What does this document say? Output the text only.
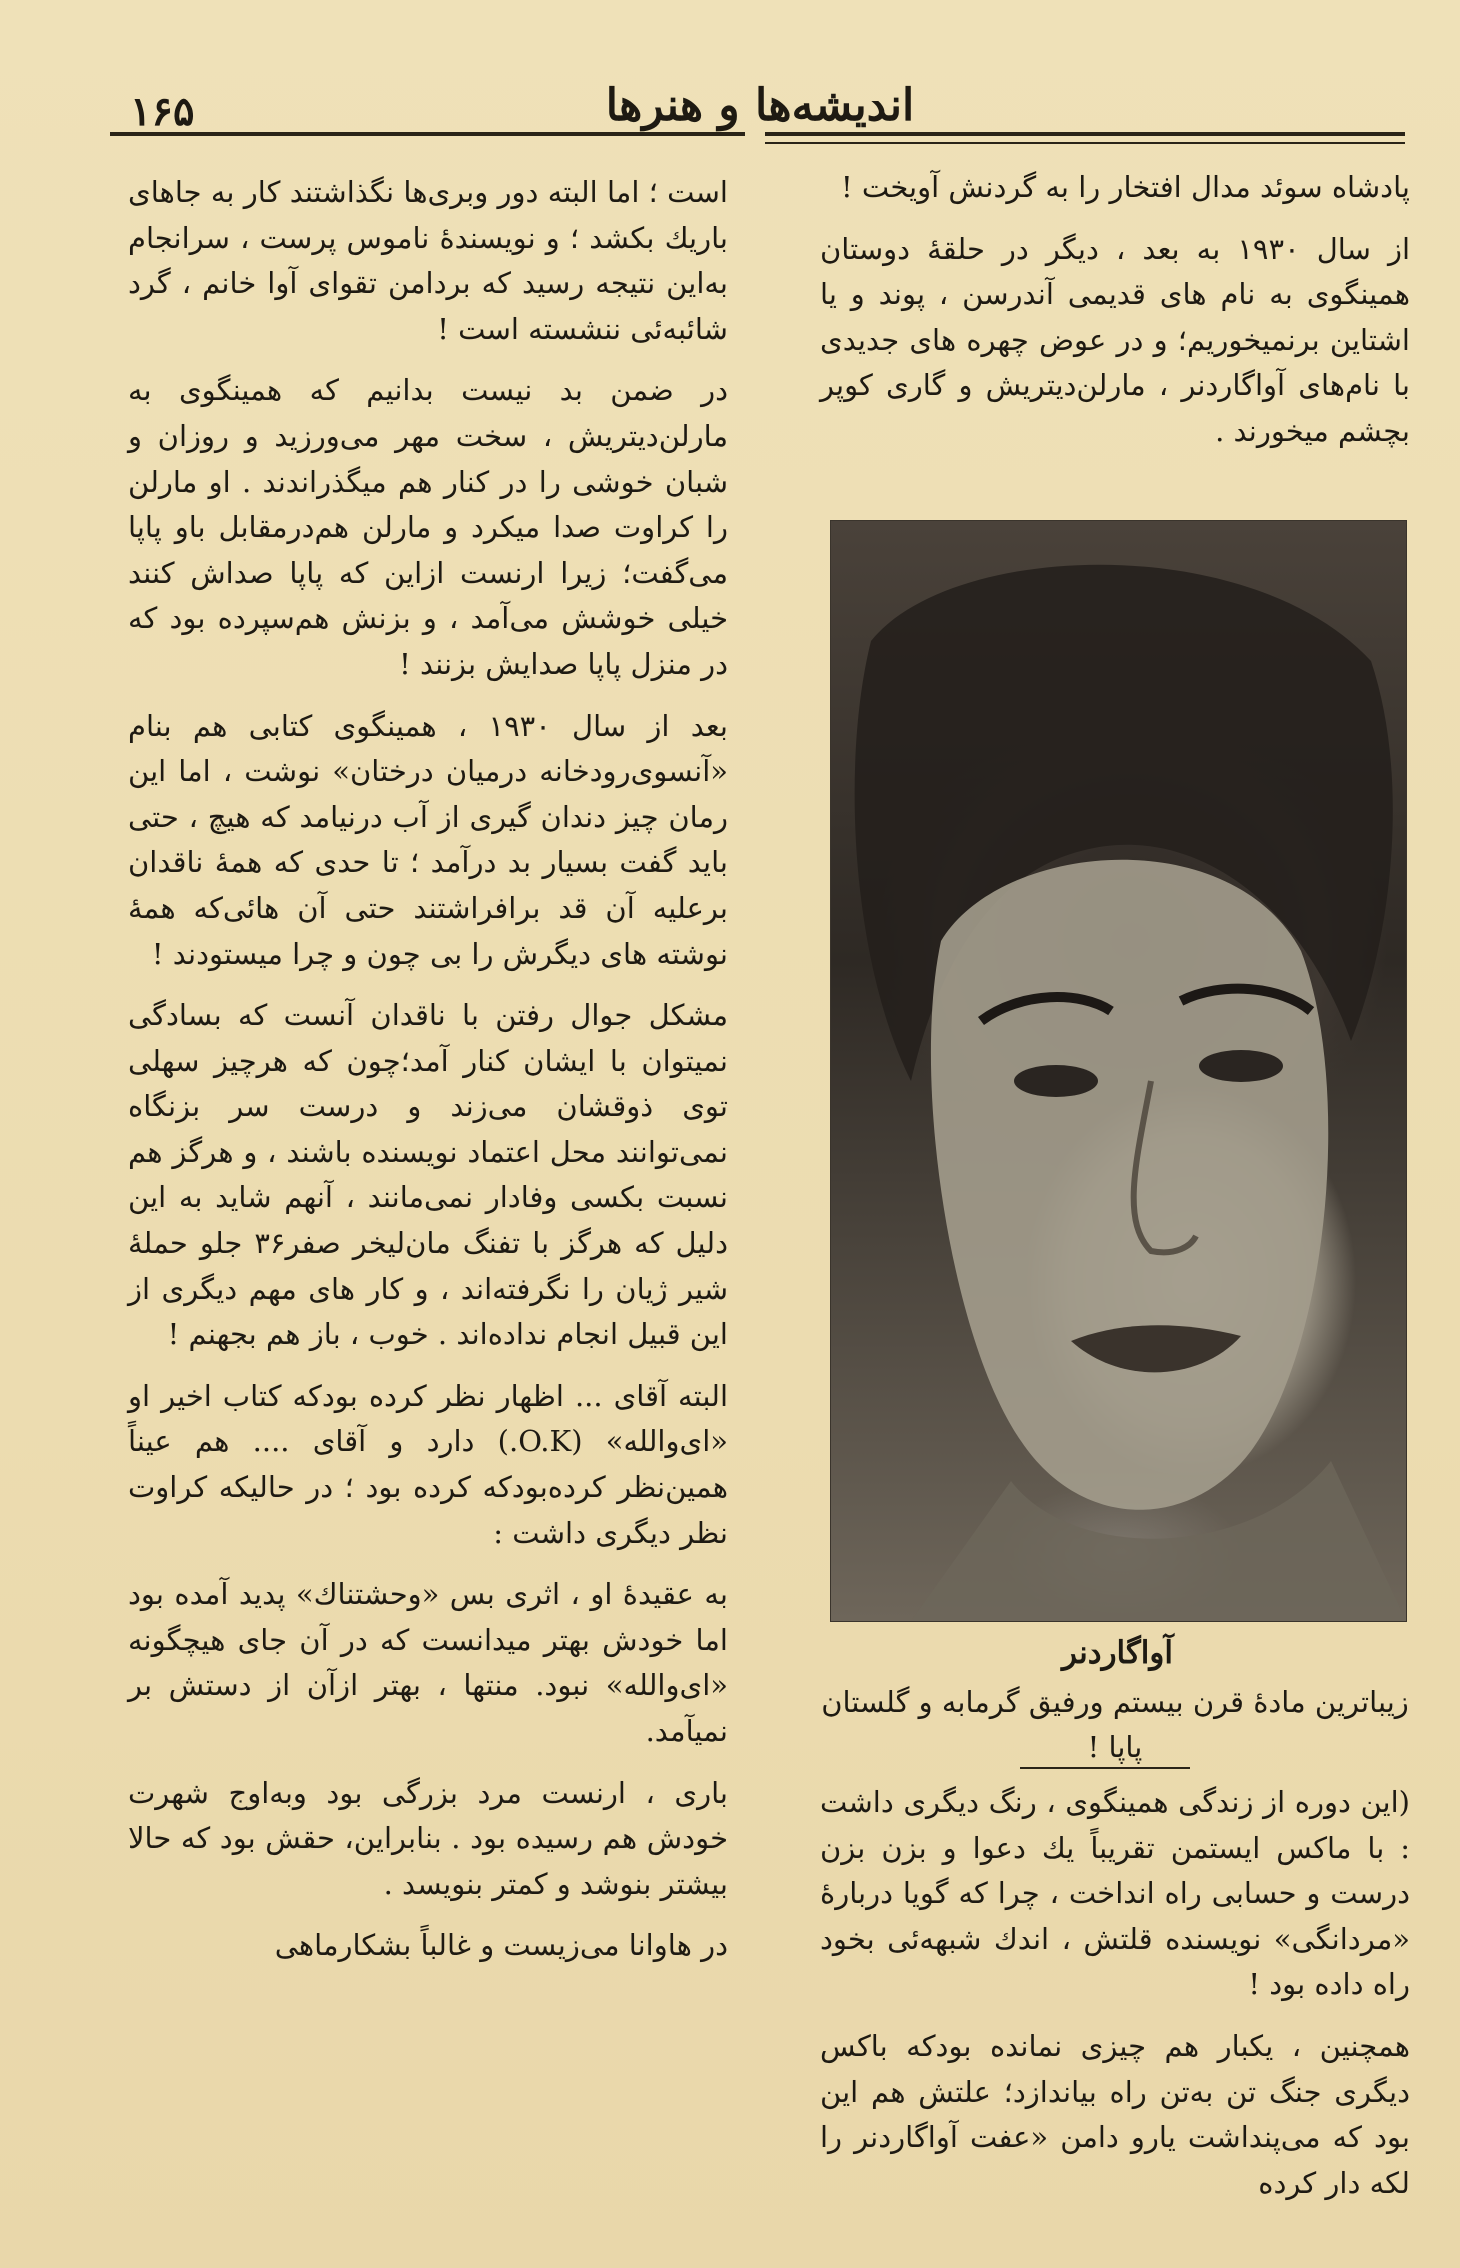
۱۶۵	اندیشه‌ها و هنرها

پادشاه سوئد مدال افتخار را به گردنش آویخت !

از سال ۱۹۳۰ به بعد ، دیگر در حلقهٔ دوستان همینگوی به نام های قدیمی آندرسن ، پوند و یا اشتاین برنمیخوریم؛ و در عوض چهره های جدیدی با نام‌های آواگاردنر ، مارلن‌دیتریش و گاری کوپر بچشم میخورند .

آواگاردنر
زیباترین مادهٔ قرن بیستم ورفیق گرمابه و گلستان پاپا !

(این دوره از زندگی همینگوی ، رنگ دیگری داشت : با ماکس ایستمن تقریباً یك دعوا و بزن بزن درست و حسابی راه انداخت ، چرا که گویا دربارهٔ «مردانگی» نویسنده قلتش ، اندك شبهه‌ئی بخود راه داده بود !

همچنین ، یکبار هم چیزی نمانده بودکه باکس دیگری جنگ تن به‌تن راه بیاندازد؛ علتش هم این بود که می‌پنداشت یارو دامن «عفت آواگاردنر را لکه دار کرده

است ؛ اما البته دور وبری‌ها نگذاشتند کار به جاهای باریك بکشد ؛ و نویسندهٔ ناموس پرست ، سرانجام به‌این نتیجه رسید که بردامن تقوای آوا خانم ، گرد شائبه‌ئی ننشسته است !

در ضمن بد نیست بدانیم که همینگوی به مارلن‌دیتریش ، سخت مهر می‌ورزید و روزان و شبان خوشی را در کنار هم میگذراندند . او مارلن را کراوت صدا میکرد و مارلن هم‌درمقابل باو پاپا می‌گفت؛ زیرا ارنست ازاین که پاپا صداش کنند خیلی خوشش می‌آمد ، و بزنش هم‌سپرده بود که در منزل پاپا صدایش بزنند !

بعد از سال ۱۹۳۰ ، همینگوی کتابی هم بنام «آنسوی‌رودخانه درمیان درختان» نوشت ، اما این رمان چیز دندان گیری از آب درنیامد که هیچ ، حتی باید گفت بسیار بد درآمد ؛ تا حدی که همهٔ ناقدان برعلیه آن قد برافراشتند حتی آن هائی‌که همهٔ نوشته های دیگرش را بی چون و چرا میستودند !

مشکل جوال رفتن با ناقدان آنست که بسادگی نمیتوان با ایشان کنار آمد؛چون که هرچیز سهلی توی ذوقشان می‌زند و درست سر بزنگاه نمی‌توانند محل اعتماد نویسنده باشند ، و هرگز هم نسبت بکسی وفادار نمی‌مانند ، آنهم شاید به این دلیل که هرگز با تفنگ مان‌لیخر صفر۳۶ جلو حملهٔ شیر ژیان را نگرفته‌اند ، و کار های مهم دیگری از این قبیل انجام نداده‌اند . خوب ، باز هم بجهنم !

البته آقای ... اظهار نظر کرده بودکه کتاب اخیر او «ای‌والله» (O.K.) دارد و آقای .... هم عیناً همین‌نظر کرده‌بودکه کرده بود ؛ در حالیکه کراوت نظر دیگری داشت :

به عقیدهٔ او ، اثری بس «وحشتناك» پدید آمده بود اما خودش بهتر میدانست که در آن جای هیچگونه «ای‌والله» نبود. منتها ، بهتر ازآن از دستش بر نمیآمد.

باری ، ارنست مرد بزرگی بود وبه‌اوج شهرت خودش هم رسیده بود . بنابراین، حقش بود که حالا بیشتر بنوشد و کمتر بنویسد .

در هاوانا می‌زیست و غالباً بشکارماهی
